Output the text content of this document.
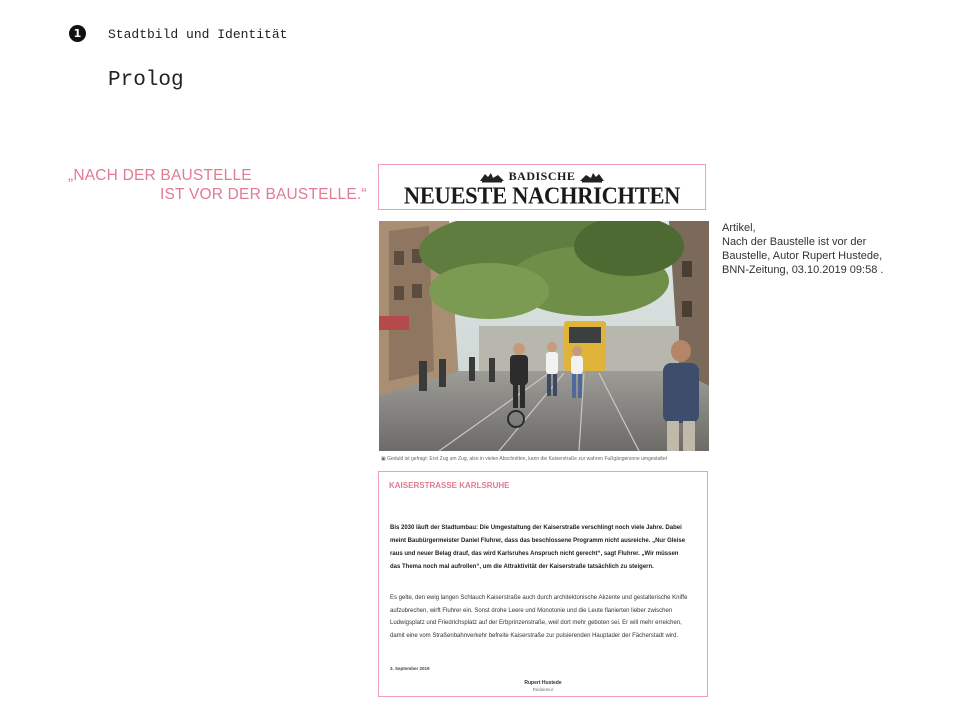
1	Stadtbild und Identität
Prolog
„NACH DER BAUSTELLE
IST VOR DER BAUSTELLE.“
BADISCHE
NEUESTE NACHRICHTEN
▣ Geduld ist gefragt: Erst Zug um Zug, also in vielen Abschnitten, kann die Kaiserstraße zur wahren Fußgängerzone umgestaltet
Artikel,
Nach der Baustelle ist vor der
Baustelle, Autor Rupert Hustede,
BNN-Zeitung, 03.10.2019 09:58 .
KAISERSTRASSE KARLSRUHE
Bis 2030 läuft der Stadtumbau: Die Umgestaltung der Kaiserstraße verschlingt noch viele Jahre. Dabei meint Baubürgermeister Daniel Fluhrer, dass das beschlossene Programm nicht ausreiche. „Nur Gleise raus und neuer Belag drauf, das wird Karlsruhes Anspruch nicht gerecht“, sagt Fluhrer. „Wir müssen das Thema noch mal aufrollen“, um die Attraktivität der Kaiserstraße tatsächlich zu steigern.
Es gelte, den ewig langen Schlauch Kaiserstraße auch durch architektonische Akzente und gestalterische Kniffe aufzubrechen, wirft Fluhrer ein. Sonst drohe Leere und Monotonie und die Leute flanierten lieber zwischen Ludwigsplatz und Friedrichsplatz auf der Erbprinzenstraße, weil dort mehr geboten sei. Er will mehr erreichen, damit eine vom Straßenbahnverkehr befreite Kaiserstraße zur pulsierenden Hauptader der Fächerstadt wird.
3. September 2019
Rupert Hustede
Redakteur
